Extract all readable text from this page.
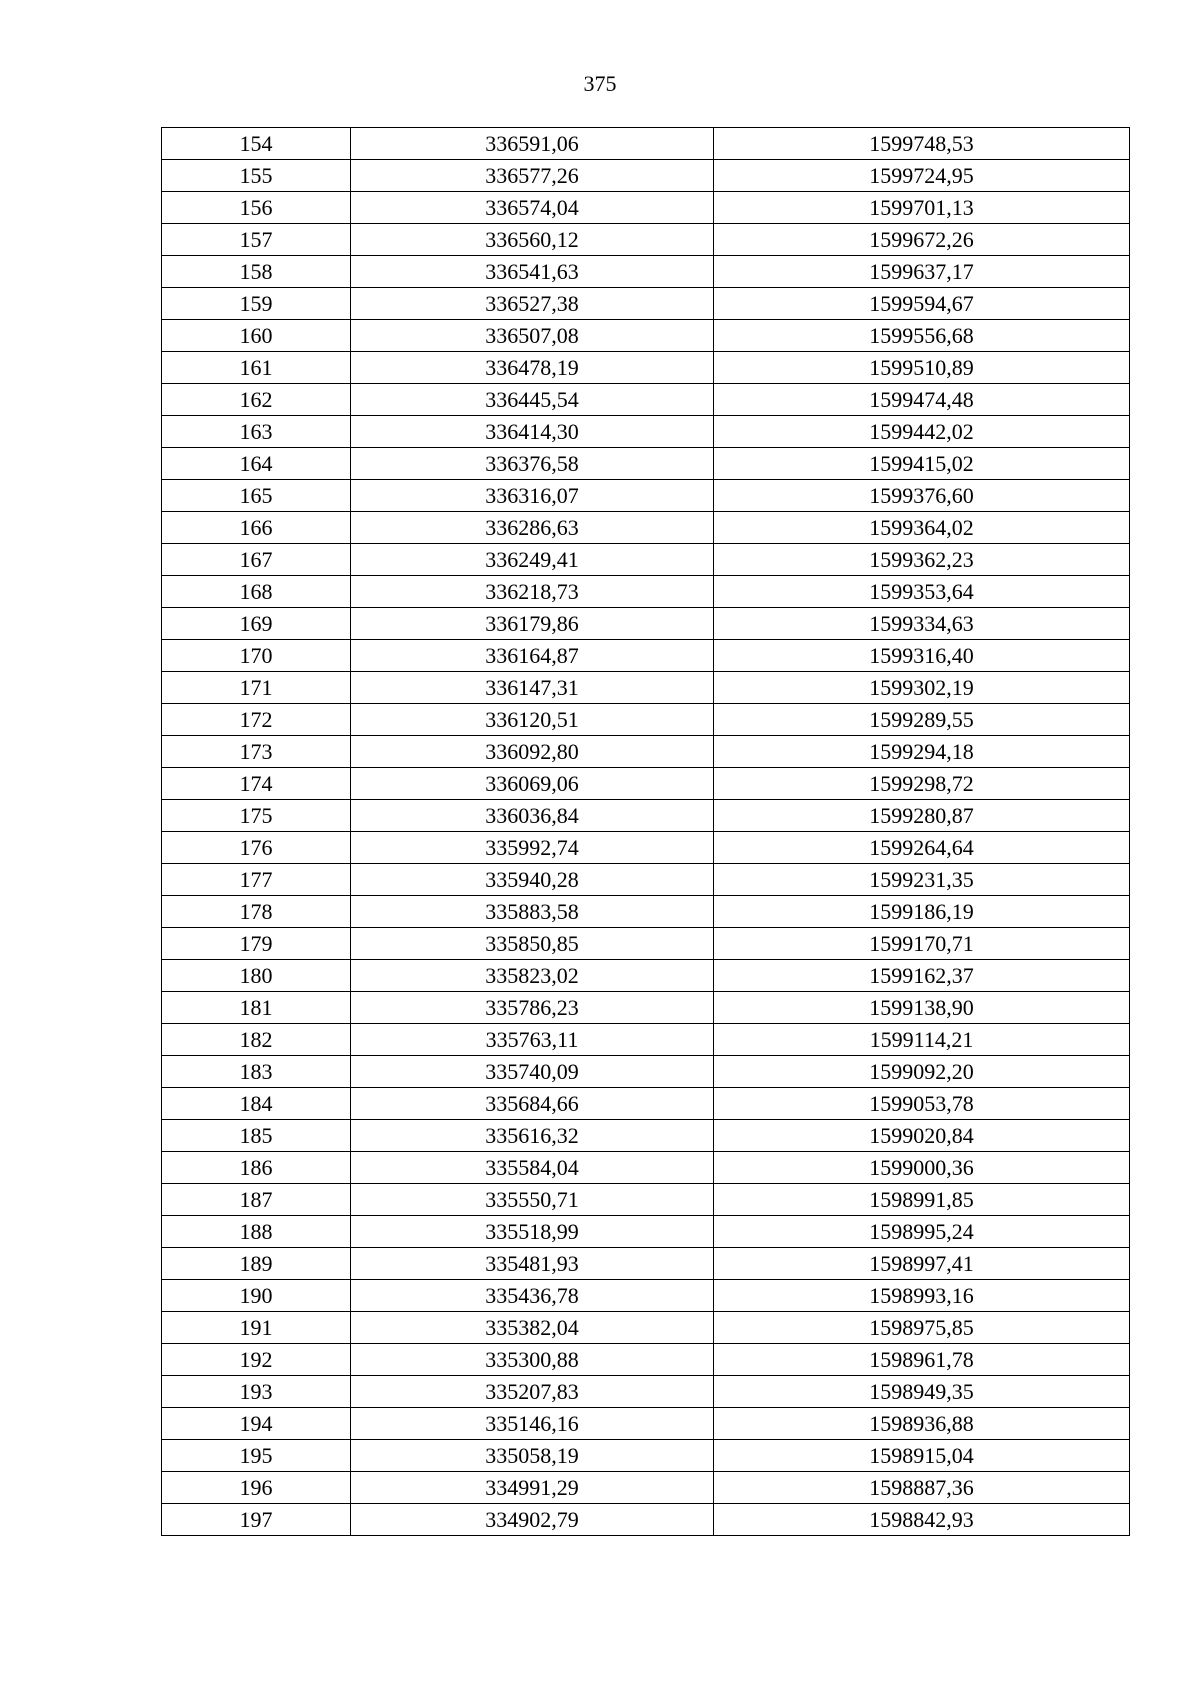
375
154	336591,06	1599748,53
155	336577,26	1599724,95
156	336574,04	1599701,13
157	336560,12	1599672,26
158	336541,63	1599637,17
159	336527,38	1599594,67
160	336507,08	1599556,68
161	336478,19	1599510,89
162	336445,54	1599474,48
163	336414,30	1599442,02
164	336376,58	1599415,02
165	336316,07	1599376,60
166	336286,63	1599364,02
167	336249,41	1599362,23
168	336218,73	1599353,64
169	336179,86	1599334,63
170	336164,87	1599316,40
171	336147,31	1599302,19
172	336120,51	1599289,55
173	336092,80	1599294,18
174	336069,06	1599298,72
175	336036,84	1599280,87
176	335992,74	1599264,64
177	335940,28	1599231,35
178	335883,58	1599186,19
179	335850,85	1599170,71
180	335823,02	1599162,37
181	335786,23	1599138,90
182	335763,11	1599114,21
183	335740,09	1599092,20
184	335684,66	1599053,78
185	335616,32	1599020,84
186	335584,04	1599000,36
187	335550,71	1598991,85
188	335518,99	1598995,24
189	335481,93	1598997,41
190	335436,78	1598993,16
191	335382,04	1598975,85
192	335300,88	1598961,78
193	335207,83	1598949,35
194	335146,16	1598936,88
195	335058,19	1598915,04
196	334991,29	1598887,36
197	334902,79	1598842,93
